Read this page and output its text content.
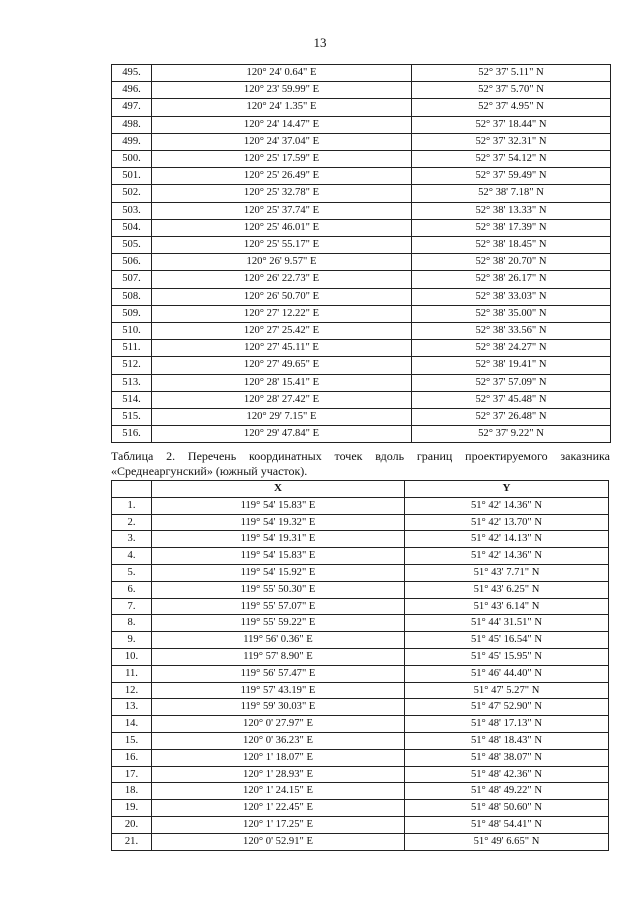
13
495.	120° 24' 0.64" E	52° 37' 5.11" N
496.	120° 23' 59.99" E	52° 37' 5.70" N
497.	120° 24' 1.35" E	52° 37' 4.95" N
498.	120° 24' 14.47" E	52° 37' 18.44" N
499.	120° 24' 37.04" E	52° 37' 32.31" N
500.	120° 25' 17.59" E	52° 37' 54.12" N
501.	120° 25' 26.49" E	52° 37' 59.49" N
502.	120° 25' 32.78" E	52° 38' 7.18" N
503.	120° 25' 37.74" E	52° 38' 13.33" N
504.	120° 25' 46.01" E	52° 38' 17.39" N
505.	120° 25' 55.17" E	52° 38' 18.45" N
506.	120° 26' 9.57" E	52° 38' 20.70" N
507.	120° 26' 22.73" E	52° 38' 26.17" N
508.	120° 26' 50.70" E	52° 38' 33.03" N
509.	120° 27' 12.22" E	52° 38' 35.00" N
510.	120° 27' 25.42" E	52° 38' 33.56" N
511.	120° 27' 45.11" E	52° 38' 24.27" N
512.	120° 27' 49.65" E	52° 38' 19.41" N
513.	120° 28' 15.41" E	52° 37' 57.09" N
514.	120° 28' 27.42" E	52° 37' 45.48" N
515.	120° 29' 7.15" E	52° 37' 26.48" N
516.	120° 29' 47.84" E	52° 37' 9.22" N
Таблица 2. Перечень координатных точек вдоль границ проектируемого заказника «Среднеаргунский» (южный участок).
	X	Y
1.	119° 54' 15.83" E	51° 42' 14.36" N
2.	119° 54' 19.32" E	51° 42' 13.70" N
3.	119° 54' 19.31" E	51° 42' 14.13" N
4.	119° 54' 15.83" E	51° 42' 14.36" N
5.	119° 54' 15.92" E	51° 43' 7.71" N
6.	119° 55' 50.30" E	51° 43' 6.25" N
7.	119° 55' 57.07" E	51° 43' 6.14" N
8.	119° 55' 59.22" E	51° 44' 31.51" N
9.	119° 56' 0.36" E	51° 45' 16.54" N
10.	119° 57' 8.90" E	51° 45' 15.95" N
11.	119° 56' 57.47" E	51° 46' 44.40" N
12.	119° 57' 43.19" E	51° 47' 5.27" N
13.	119° 59' 30.03" E	51° 47' 52.90" N
14.	120° 0' 27.97" E	51° 48' 17.13" N
15.	120° 0' 36.23" E	51° 48' 18.43" N
16.	120° 1' 18.07" E	51° 48' 38.07" N
17.	120° 1' 28.93" E	51° 48' 42.36" N
18.	120° 1' 24.15" E	51° 48' 49.22" N
19.	120° 1' 22.45" E	51° 48' 50.60" N
20.	120° 1' 17.25" E	51° 48' 54.41" N
21.	120° 0' 52.91" E	51° 49' 6.65" N
